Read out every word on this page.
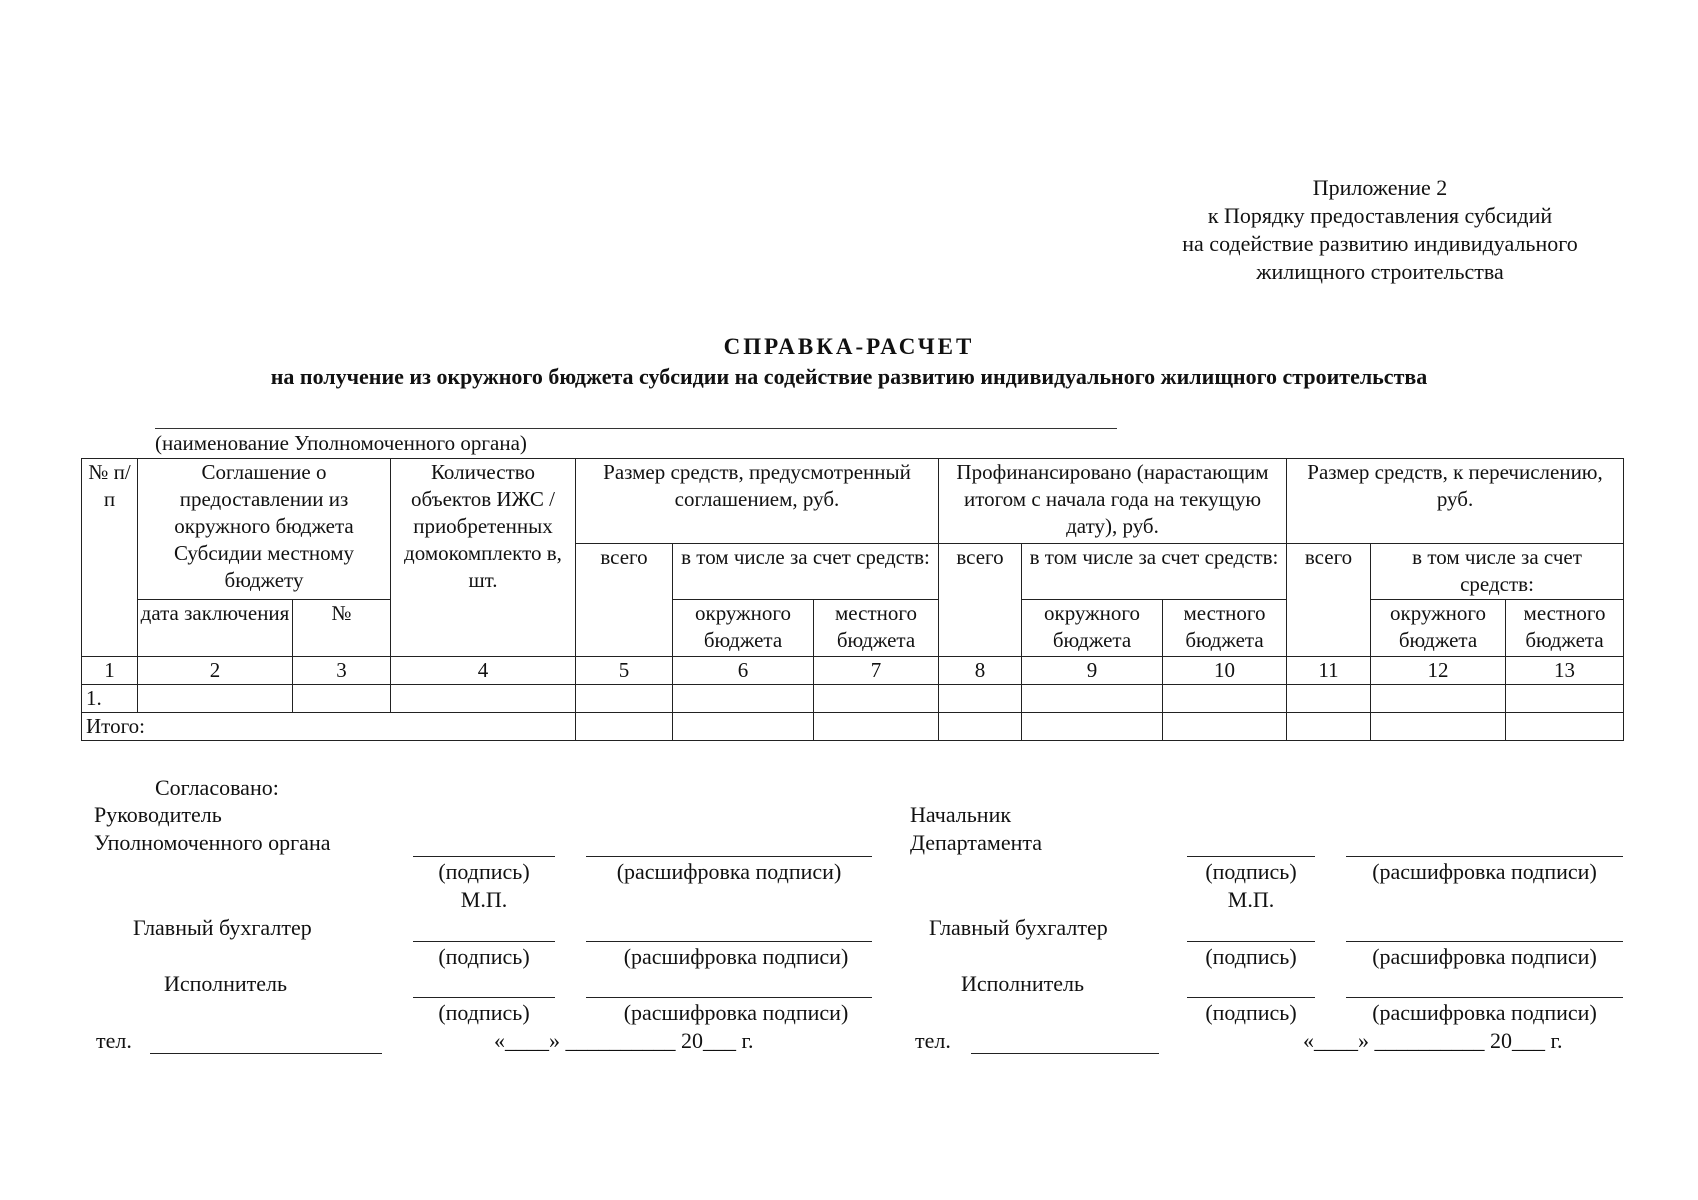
Приложение 2
к Порядку предоставления субсидий
на содействие развитию индивидуального
жилищного строительства
СПРАВКА-РАСЧЕТ
на получение из окружного бюджета субсидии на содействие развитию индивидуального жилищного строительства
(наименование Уполномоченного органа)
№ п/п	Соглашение о предоставлении из окружного бюджета Субсидии местному бюджету		Количество объектов ИЖС / приобретенных домокомплекто в, шт.	Размер средств, предусмотренный соглашением, руб.			Профинансировано (нарастающим итогом с начала года на текущую дату), руб.			Размер средств, к перечислению, руб.		
				всего	в том числе за счет средств:		всего	в том числе за счет средств:		всего	в том числе за счет средств:	
	дата заключения	№			окружного бюджета	местного бюджета		окружного бюджета	местного бюджета		окружного бюджета	местного бюджета
1	2	3	4	5	6	7	8	9	10	11	12	13
1.												
Итого:												
Согласовано:
Руководитель
Уполномоченного органа
(подпись)	(расшифровка подписи)
М.П.
Главный бухгалтер
(подпись)	(расшифровка подписи)
Исполнитель
(подпись)	(расшифровка подписи)
тел.	«____» __________ 20___ г.
Начальник
Департамента
(подпись)	(расшифровка подписи)
М.П.
Главный бухгалтер
(подпись)	(расшифровка подписи)
Исполнитель
(подпись)	(расшифровка подписи)
тел.	«____» __________ 20___ г.
